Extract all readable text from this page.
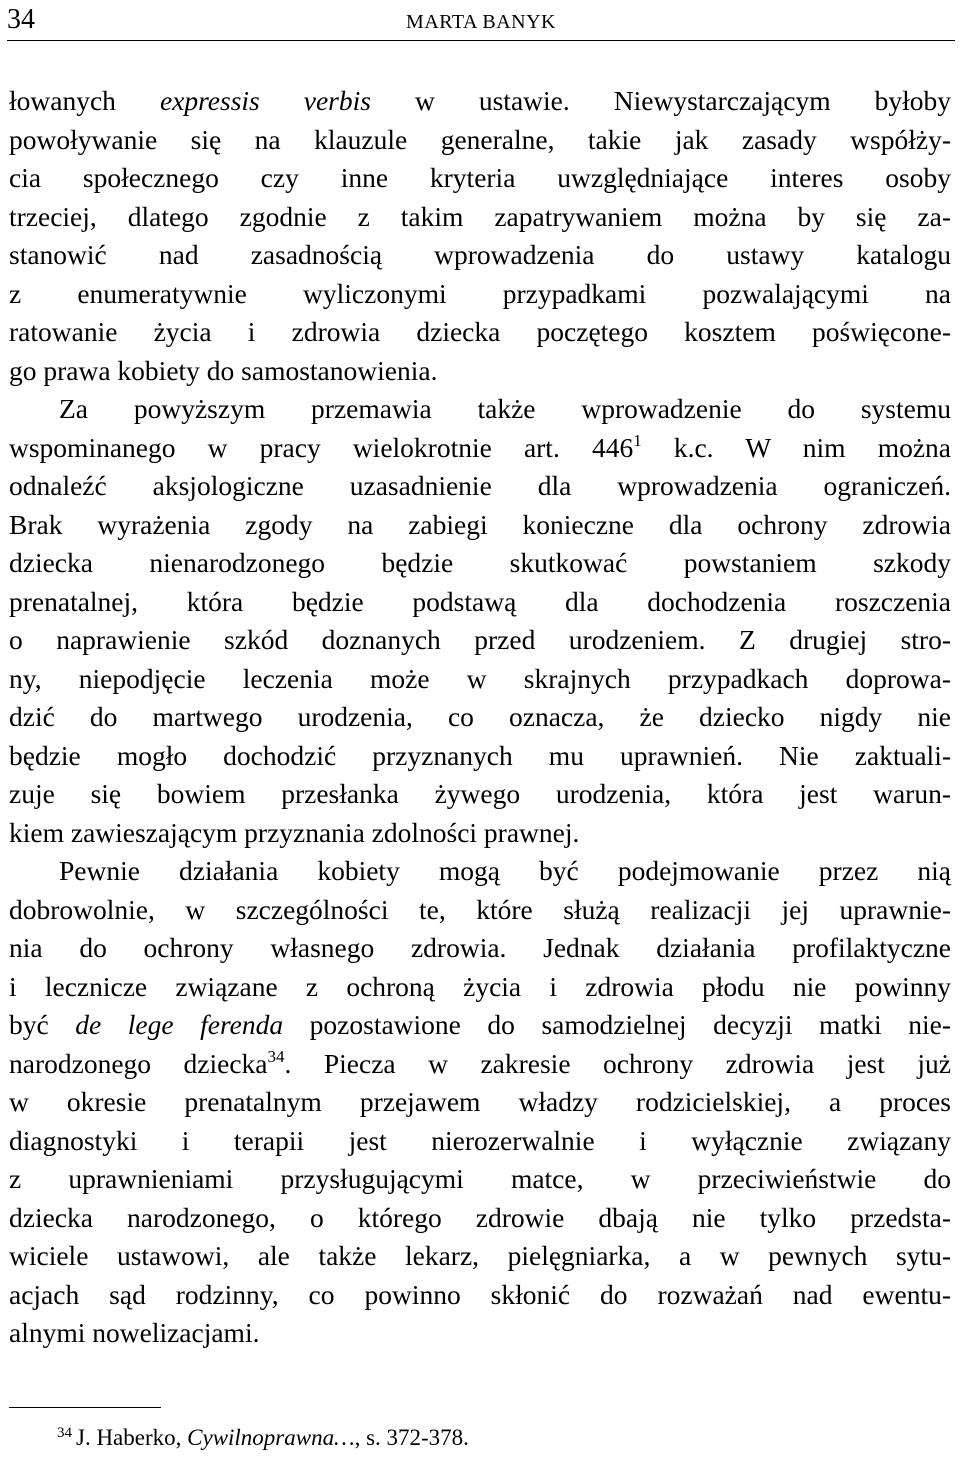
34	MARTA BANYK

łowanych expressis verbis w ustawie. Niewystarczającym byłoby
powoływanie się na klauzule generalne, takie jak zasady współży-
cia społecznego czy inne kryteria uwzględniające interes osoby
trzeciej, dlatego zgodnie z takim zapatrywaniem można by się za-
stanowić nad zasadnością wprowadzenia do ustawy katalogu
z enumeratywnie wyliczonymi przypadkami pozwalającymi na
ratowanie życia i zdrowia dziecka poczętego kosztem poświęcone-
go prawa kobiety do samostanowienia.

Za powyższym przemawia także wprowadzenie do systemu
wspominanego w pracy wielokrotnie art. $446^1$ k.c. W nim można
odnaleźć aksjologiczne uzasadnienie dla wprowadzenia ograniczeń.
Brak wyrażenia zgody na zabiegi konieczne dla ochrony zdrowia
dziecka nienarodzonego będzie skutkować powstaniem szkody
prenatalnej, która będzie podstawą dla dochodzenia roszczenia
o naprawienie szkód doznanych przed urodzeniem. Z drugiej stro-
ny, niepodjęcie leczenia może w skrajnych przypadkach doprowa-
dzić do martwego urodzenia, co oznacza, że dziecko nigdy nie
będzie mogło dochodzić przyznanych mu uprawnień. Nie zaktuali-
zuje się bowiem przesłanka żywego urodzenia, która jest warun-
kiem zawieszającym przyznania zdolności prawnej.

Pewnie działania kobiety mogą być podejmowanie przez nią
dobrowolnie, w szczególności te, które służą realizacji jej uprawnie-
nia do ochrony własnego zdrowia. Jednak działania profilaktyczne
i lecznicze związane z ochroną życia i zdrowia płodu nie powinny
być de lege ferenda pozostawione do samodzielnej decyzji matki nie-
narodzonego dziecka$^{34}$. Piecza w zakresie ochrony zdrowia jest już
w okresie prenatalnym przejawem władzy rodzicielskiej, a proces
diagnostyki i terapii jest nierozerwalnie i wyłącznie związany
z uprawnieniami przysługującymi matce, w przeciwieństwie do
dziecka narodzonego, o którego zdrowie dbają nie tylko przedsta-
wiciele ustawowi, ale także lekarz, pielęgniarka, a w pewnych sytu-
acjach sąd rodzinny, co powinno skłonić do rozważań nad ewentu-
alnymi nowelizacjami.

$^{34}$ J. Haberko, Cywilnoprawna…, s. 372-378.
